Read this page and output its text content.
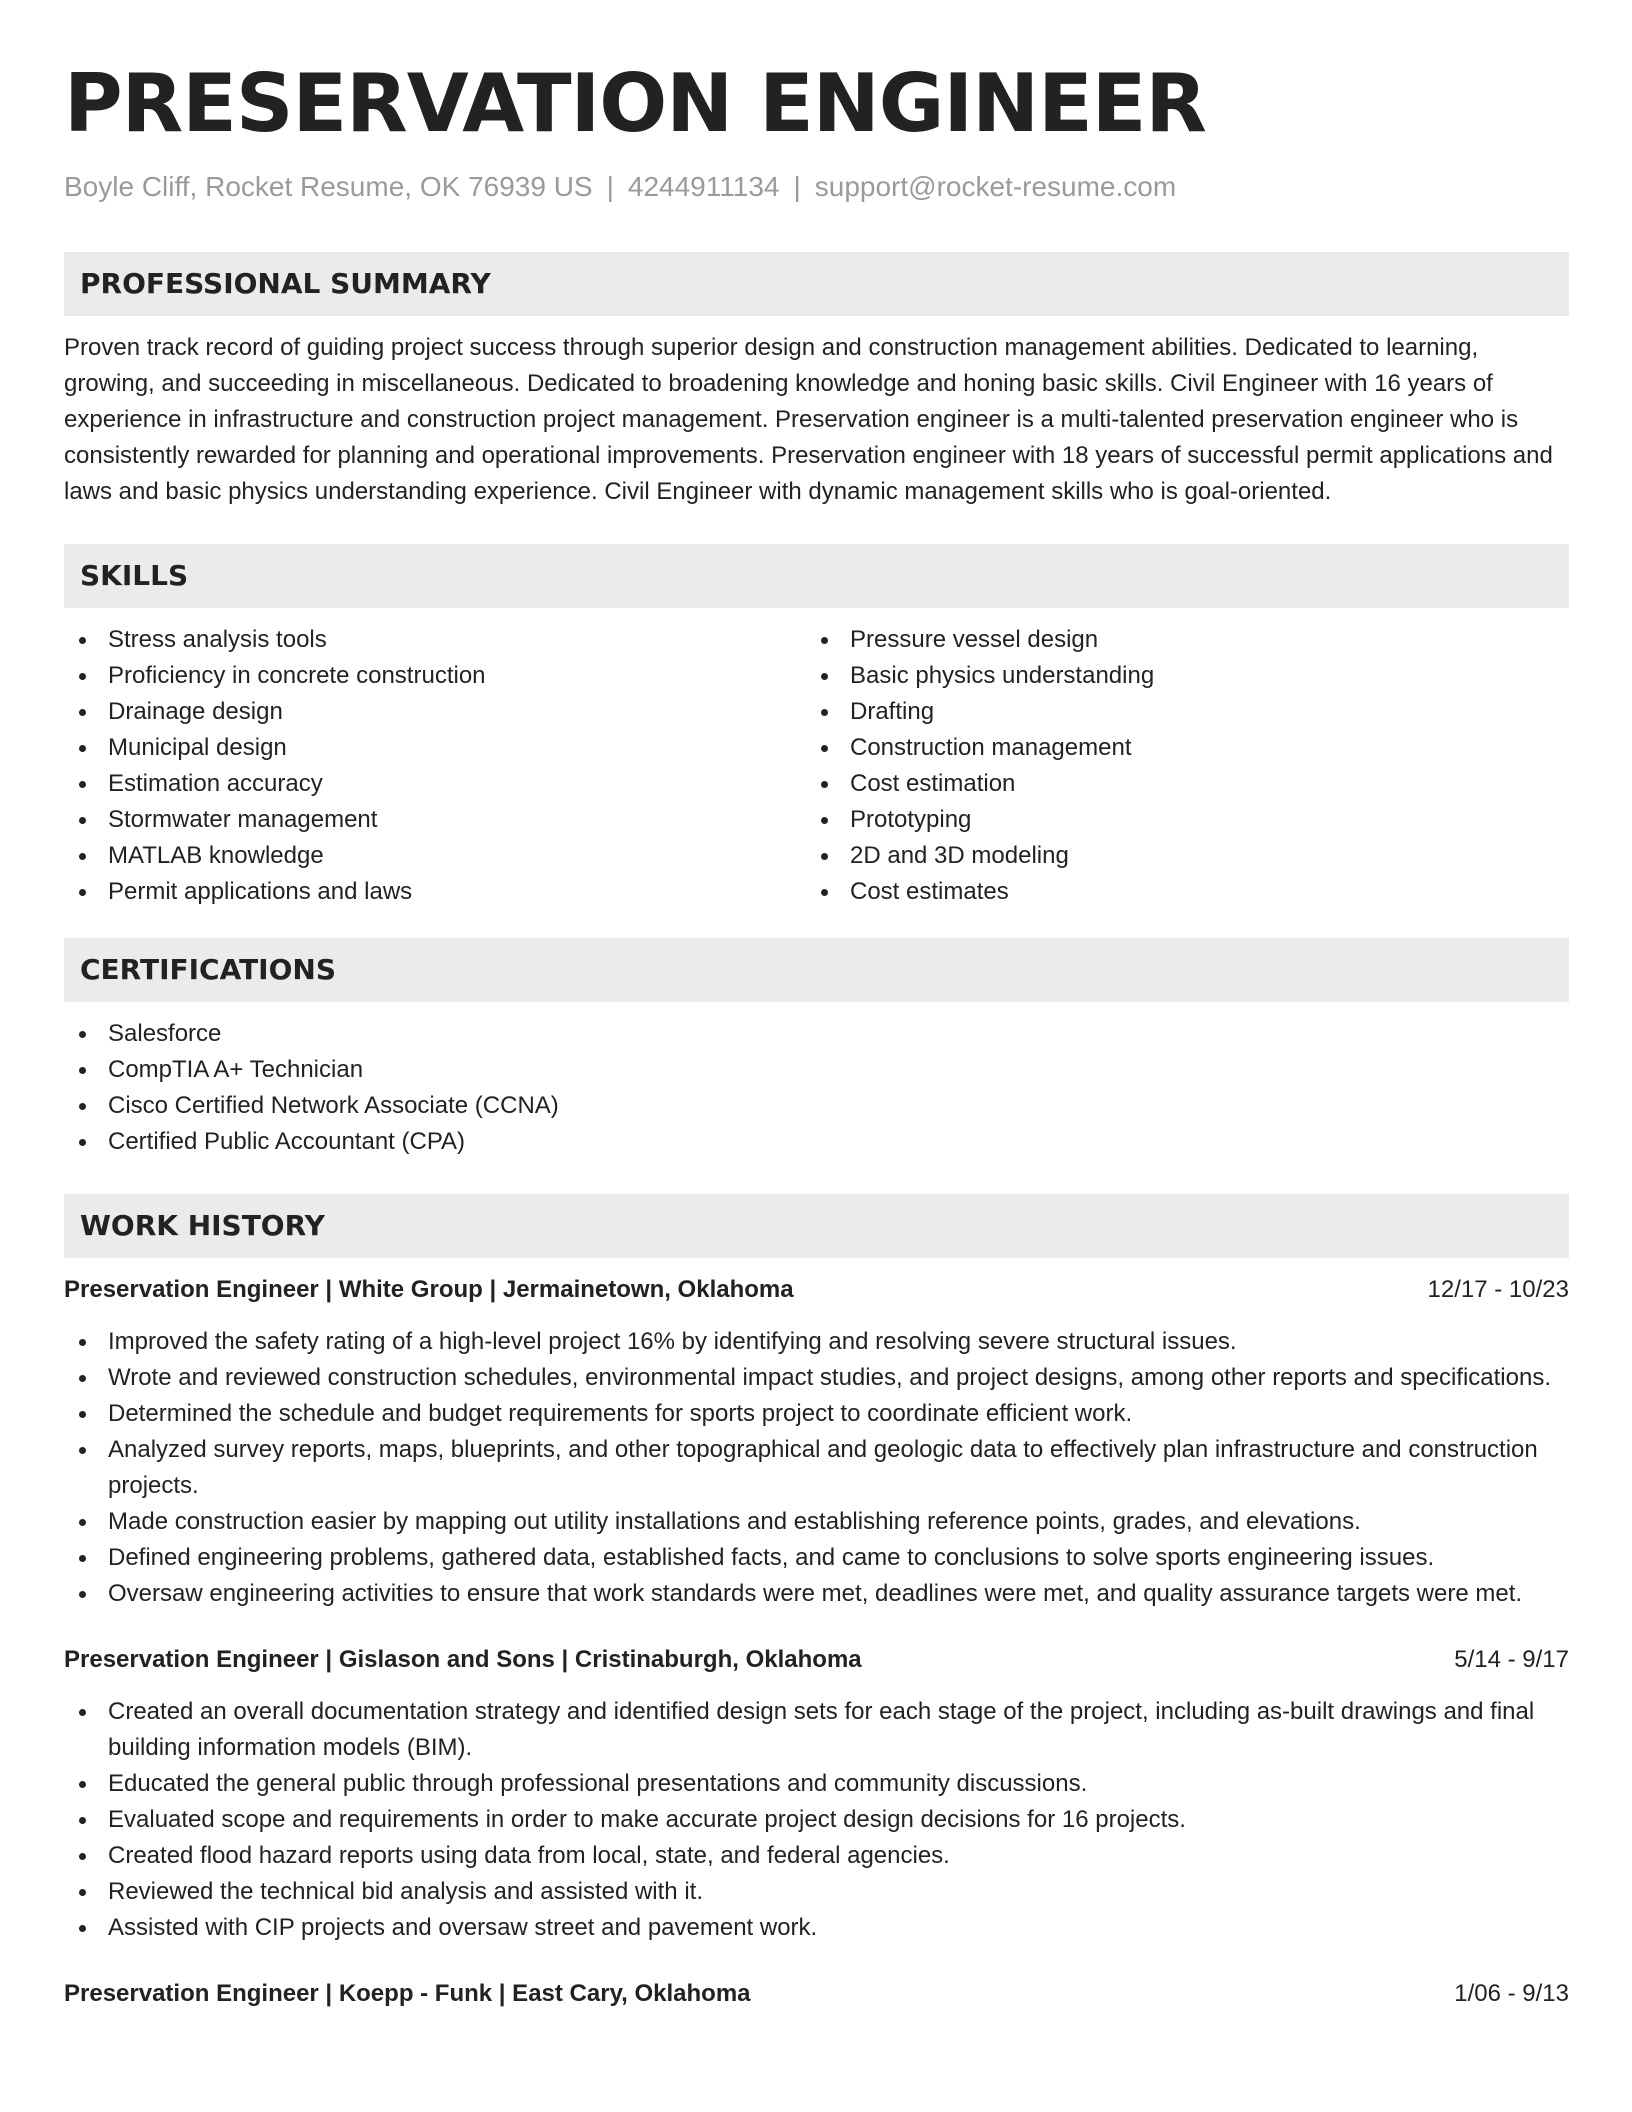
PRESERVATION ENGINEER
Boyle Cliff, Rocket Resume, OK 76939 US | 4244911134 | support@rocket-resume.com
PROFESSIONAL SUMMARY

Proven track record of guiding project success through superior design and construction management abilities. Dedicated to learning, growing, and succeeding in miscellaneous. Dedicated to broadening knowledge and honing basic skills. Civil Engineer with 16 years of experience in infrastructure and construction project management. Preservation engineer is a multi-talented preservation engineer who is consistently rewarded for planning and operational improvements. Preservation engineer with 18 years of successful permit applications and laws and basic physics understanding experience. Civil Engineer with dynamic management skills who is goal-oriented.

SKILLS
Stress analysis tools
Proficiency in concrete construction
Drainage design
Municipal design
Estimation accuracy
Stormwater management
MATLAB knowledge
Permit applications and laws
Pressure vessel design
Basic physics understanding
Drafting
Construction management
Cost estimation
Prototyping
2D and 3D modeling
Cost estimates
CERTIFICATIONS
Salesforce
CompTIA A+ Technician
Cisco Certified Network Associate (CCNA)
Certified Public Accountant (CPA)
WORK HISTORY
Preservation Engineer | White Group | Jermainetown, Oklahoma	12/17 - 10/23
Improved the safety rating of a high-level project 16% by identifying and resolving severe structural issues.
Wrote and reviewed construction schedules, environmental impact studies, and project designs, among other reports and specifications.
Determined the schedule and budget requirements for sports project to coordinate efficient work.
Analyzed survey reports, maps, blueprints, and other topographical and geologic data to effectively plan infrastructure and construction projects.
Made construction easier by mapping out utility installations and establishing reference points, grades, and elevations.
Defined engineering problems, gathered data, established facts, and came to conclusions to solve sports engineering issues.
Oversaw engineering activities to ensure that work standards were met, deadlines were met, and quality assurance targets were met.
Preservation Engineer | Gislason and Sons | Cristinaburgh, Oklahoma	5/14 - 9/17
Created an overall documentation strategy and identified design sets for each stage of the project, including as-built drawings and final building information models (BIM).
Educated the general public through professional presentations and community discussions.
Evaluated scope and requirements in order to make accurate project design decisions for 16 projects.
Created flood hazard reports using data from local, state, and federal agencies.
Reviewed the technical bid analysis and assisted with it.
Assisted with CIP projects and oversaw street and pavement work.
Preservation Engineer | Koepp - Funk | East Cary, Oklahoma	1/06 - 9/13
